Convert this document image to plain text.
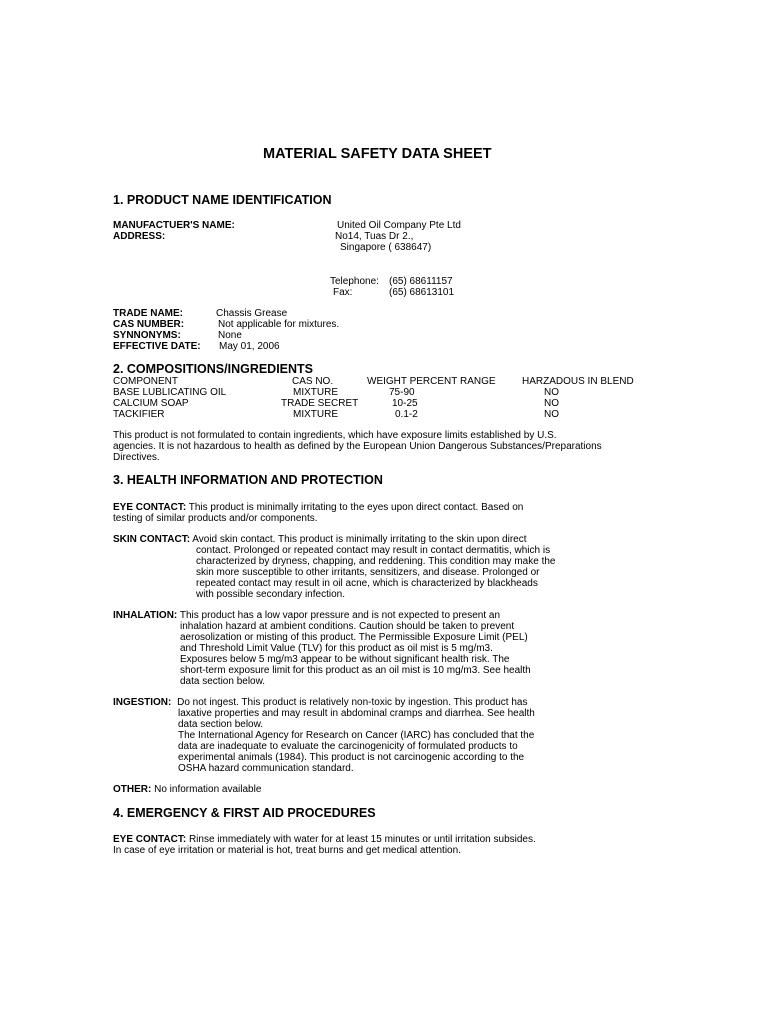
MATERIAL SAFETY DATA SHEET
1. PRODUCT NAME IDENTIFICATION
MANUFACTUER'S NAME:	United Oil Company Pte Ltd
ADDRESS:	No14, Tuas Dr 2.,
Singapore ( 638647)
Telephone: (65) 68611157
Fax:	(65) 68613101
TRADE NAME:	Chassis Grease
CAS NUMBER:	Not applicable for mixtures.
SYNNONYMS:	None
EFFECTIVE DATE: May 01, 2006
2. COMPOSITIONS/INGREDIENTS
COMPONENT	CAS NO.	WEIGHT PERCENT RANGE	HARZADOUS IN BLEND
BASE LUBLICATING OIL	MIXTURE	75-90	NO
CALCIUM SOAP	TRADE SECRET	10-25	NO
TACKIFIER	MIXTURE	0.1-2	NO
This product is not formulated to contain ingredients, which have exposure limits established by U.S.
agencies. It is not hazardous to health as defined by the European Union Dangerous Substances/Preparations
Directives.
3. HEALTH INFORMATION AND PROTECTION
EYE CONTACT: This product is minimally irritating to the eyes upon direct contact. Based on
testing of similar products and/or components.
SKIN CONTACT: Avoid skin contact. This product is minimally irritating to the skin upon direct
contact. Prolonged or repeated contact may result in contact dermatitis, which is
characterized by dryness, chapping, and reddening. This condition may make the
skin more susceptible to other irritants, sensitizers, and disease. Prolonged or
repeated contact may result in oil acne, which is characterized by blackheads
with possible secondary infection.
INHALATION: This product has a low vapor pressure and is not expected to present an
inhalation hazard at ambient conditions. Caution should be taken to prevent
aerosolization or misting of this product. The Permissible Exposure Limit (PEL)
and Threshold Limit Value (TLV) for this product as oil mist is 5 mg/m3.
Exposures below 5 mg/m3 appear to be without significant health risk. The
short-term exposure limit for this product as an oil mist is 10 mg/m3. See health
data section below.
INGESTION: Do not ingest. This product is relatively non-toxic by ingestion. This product has
laxative properties and may result in abdominal cramps and diarrhea. See health
data section below.
The International Agency for Research on Cancer (IARC) has concluded that the
data are inadequate to evaluate the carcinogenicity of formulated products to
experimental animals (1984). This product is not carcinogenic according to the
OSHA hazard communication standard.
OTHER: No information available
4. EMERGENCY & FIRST AID PROCEDURES
EYE CONTACT: Rinse immediately with water for at least 15 minutes or until irritation subsides.
In case of eye irritation or material is hot, treat burns and get medical attention.
